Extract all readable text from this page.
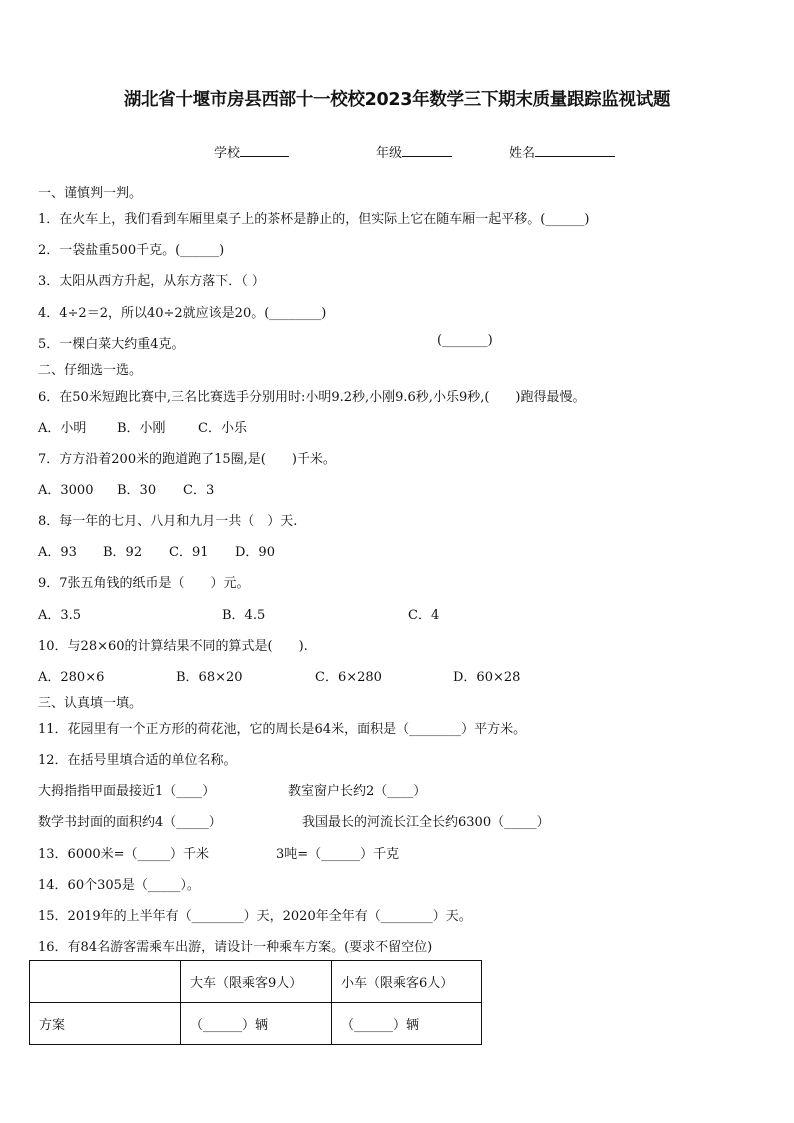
湖北省十堰市房县西部十一校校2023年数学三下期末质量跟踪监视试题
学校	年级	姓名
一、谨慎判一判。
1．在火车上，我们看到车厢里桌子上的茶杯是静止的，但实际上它在随车厢一起平移。(______)
2．一袋盐重500千克。(______)
3．太阳从西方升起，从东方落下．（ ）
4．4÷2＝2，所以40÷2就应该是20。(________)
5．一棵白菜大约重4克。	(_______)
二、仔细选一选。
6．在50米短跑比赛中,三名比赛选手分别用时:小明9.2秒,小刚9.6秒,小乐9秒,(　　)跑得最慢。
A．小明 B．小刚 C．小乐
7．方方沿着200米的跑道跑了15圈,是(　　)千米。
A．3000 B．30 C．3
8．每一年的七月、八月和九月一共（　）天.
A．93 B．92 C．91 D．90
9．7张五角钱的纸币是（　　）元。
A．3.5	B．4.5	C．4
10．与28×60的计算结果不同的算式是(　　).
A．280×6	B．68×20	C．6×280	D．60×28
三、认真填一填。
11．花园里有一个正方形的荷花池，它的周长是64米，面积是（________）平方米。
12．在括号里填合适的单位名称。
大拇指指甲面最接近1（____）	教室窗户长约2（____）
数学书封面的面积约4（_____）	我国最长的河流长江全长约6300（_____）
13．6000米=（_____）千米	3吨=（______）千克
14．60个305是（_____）。
15．2019年的上半年有（________）天，2020年全年有（________）天。
16．有84名游客需乘车出游，请设计一种乘车方案。(要求不留空位)
	大车（限乘客9人）	小车（限乘客6人）
方案	（______）辆	（______）辆
